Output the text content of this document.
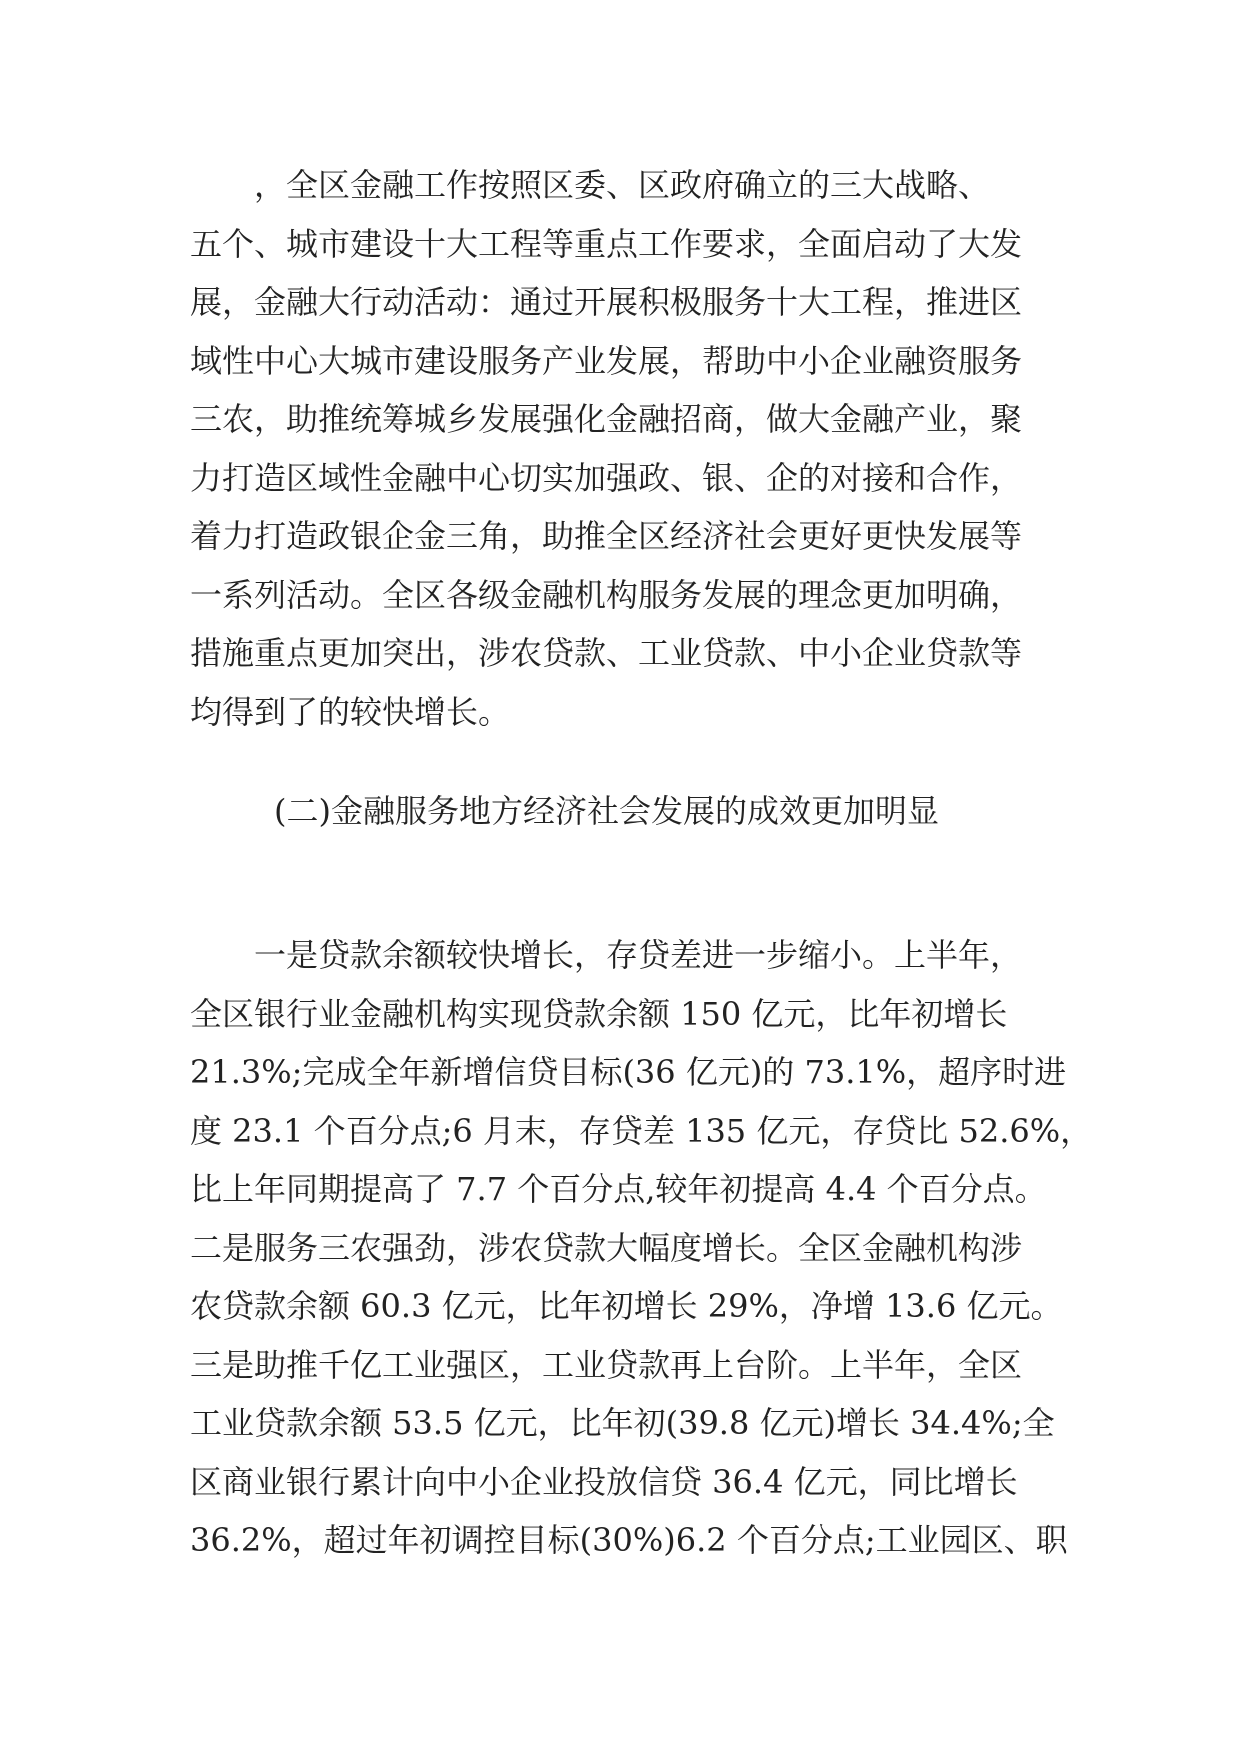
　　，全区金融工作按照区委、区政府确立的三大战略、
五个、城市建设十大工程等重点工作要求，全面启动了大发
展，金融大行动活动：通过开展积极服务十大工程，推进区
域性中心大城市建设服务产业发展，帮助中小企业融资服务
三农，助推统筹城乡发展强化金融招商，做大金融产业，聚
力打造区域性金融中心切实加强政、银、企的对接和合作，
着力打造政银企金三角，助推全区经济社会更好更快发展等
一系列活动。全区各级金融机构服务发展的理念更加明确，
措施重点更加突出，涉农贷款、工业贷款、中小企业贷款等
均得到了的较快增长。
(二)金融服务地方经济社会发展的成效更加明显
　　一是贷款余额较快增长，存贷差进一步缩小。上半年，
全区银行业金融机构实现贷款余额 150 亿元，比年初增长
21.3%;完成全年新增信贷目标(36 亿元)的 73.1%，超序时进
度 23.1 个百分点;6 月末，存贷差 135 亿元，存贷比 52.6%，
比上年同期提高了 7.7 个百分点,较年初提高 4.4 个百分点。
二是服务三农强劲，涉农贷款大幅度增长。全区金融机构涉
农贷款余额 60.3 亿元，比年初增长 29%，净增 13.6 亿元。
三是助推千亿工业强区，工业贷款再上台阶。上半年，全区
工业贷款余额 53.5 亿元，比年初(39.8 亿元)增长 34.4%;全
区商业银行累计向中小企业投放信贷 36.4 亿元，同比增长
36.2%，超过年初调控目标(30%)6.2 个百分点;工业园区、职
